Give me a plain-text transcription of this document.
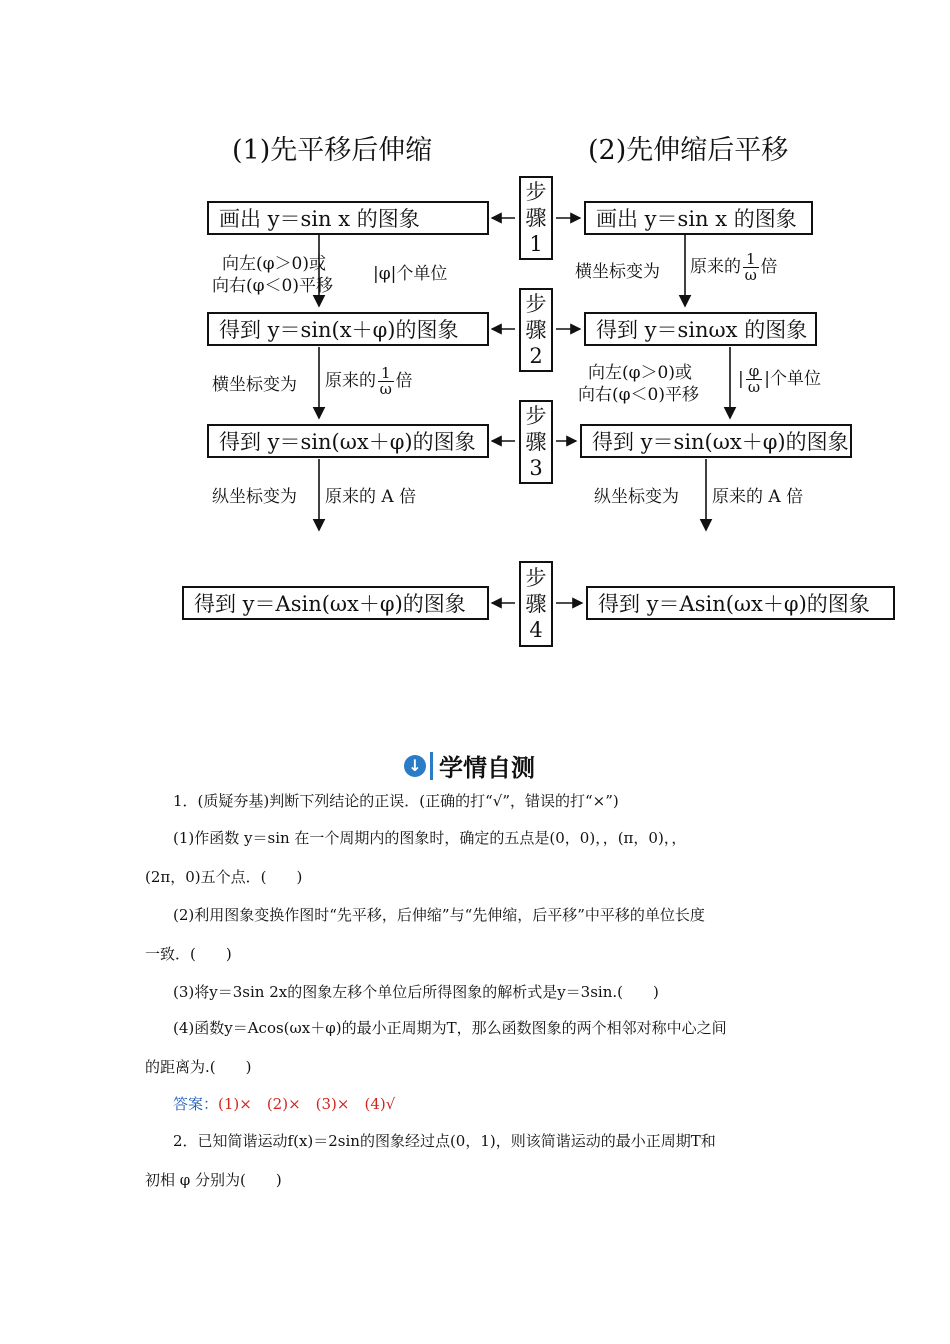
(1)先平移后伸缩	(2)先伸缩后平移
步
骤
1
步
骤
2
步
骤
3
步
骤
4
画出 y＝sin x 的图象
得到 y＝sin(x＋φ)的图象
得到 y＝sin(ωx＋φ)的图象
得到 y＝Asin(ωx＋φ)的图象
画出 y＝sin x 的图象
得到 y＝sinωx 的图象
得到 y＝sin(ωx＋φ)的图象
得到 y＝Asin(ωx＋φ)的图象
向左(φ＞0)或
向右(φ＜0)平移
|φ|个单位
横坐标变为 原来的 $\frac{1}{\omega}$ 倍
纵坐标变为 原来的 A 倍
横坐标变为 原来的 $\frac{1}{\omega}$ 倍
向左(φ＞0)或
向右(φ＜0)平移
| $\frac{\varphi}{\omega}$ |个单位
纵坐标变为 原来的 A 倍
↓ 学情自测
1．(质疑夯基)判断下列结论的正误．(正确的打“√”，错误的打“×”)
(1)作函数 y＝sin 在一个周期内的图象时，确定的五点是(0，0)，，(π，0)，，
(2π，0)五个点．(　　)
(2)利用图象变换作图时“先平移，后伸缩”与“先伸缩，后平移”中平移的单位长度
一致．(　　)
(3)将y＝3sin 2x的图象左移个单位后所得图象的解析式是y＝3sin.(　　)
(4)函数y＝Acos(ωx＋φ)的最小正周期为T，那么函数图象的两个相邻对称中心之间
的距离为.(　　)
答案：(1)×　(2)×　(3)×　(4)√
2．已知简谐运动f(x)＝2sin的图象经过点(0，1)，则该简谐运动的最小正周期T和
初相 φ 分别为(　　)
